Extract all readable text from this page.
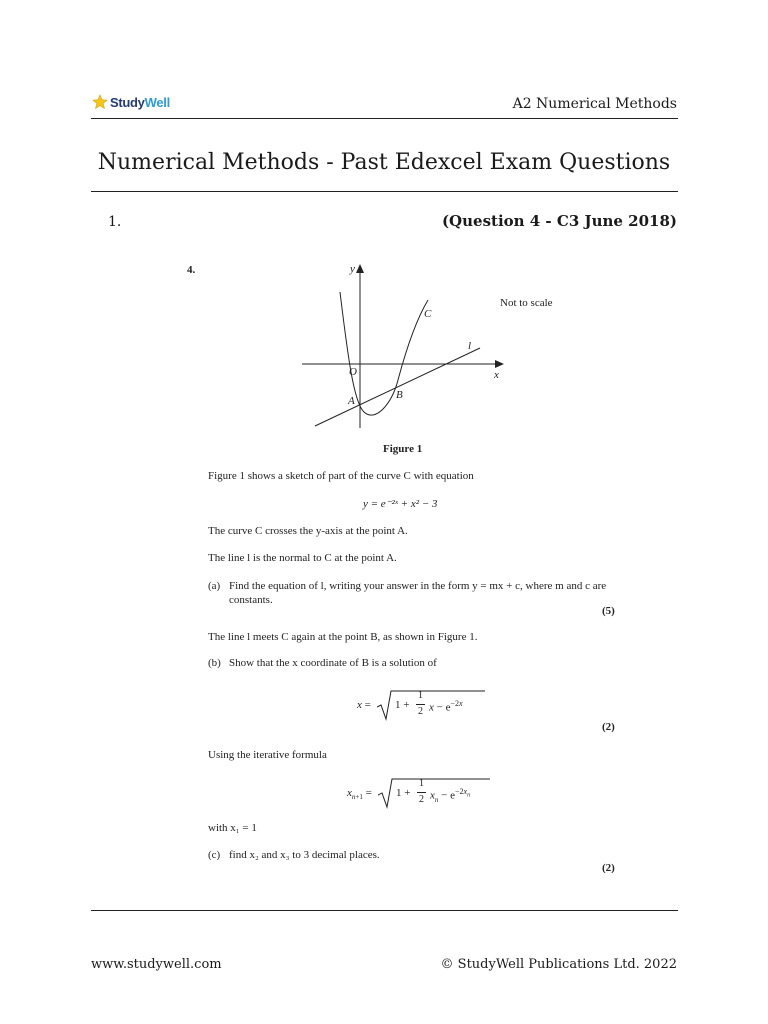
StudyWell	A2 Numerical Methods
Numerical Methods - Past Edexcel Exam Questions
1.	(Question 4 - C3 June 2018)
4.	y
x
O
C
l
A	B
Not to scale
Figure 1
Figure 1 shows a sketch of part of the curve C with equation
y = e⁻²ˣ + x² − 3
The curve C crosses the y-axis at the point A.
The line l is the normal to C at the point A.
(a) Find the equation of l, writing your answer in the form y = mx + c, where m and c are
constants.
(5)
The line l meets C again at the point B, as shown in Figure 1.
(b) Show that the x coordinate of B is a solution of
x = 1 +
1
2 $x - e^{-2x}$
(2)
Using the iterative formula
$x_{n+1} = 1$ +
1
2 $x_n - e^{-2x_n}$
with x₁ = 1
(c) find x₂ and x₃ to 3 decimal places.
(2)
www.studywell.com	© StudyWell Publications Ltd. 2022
